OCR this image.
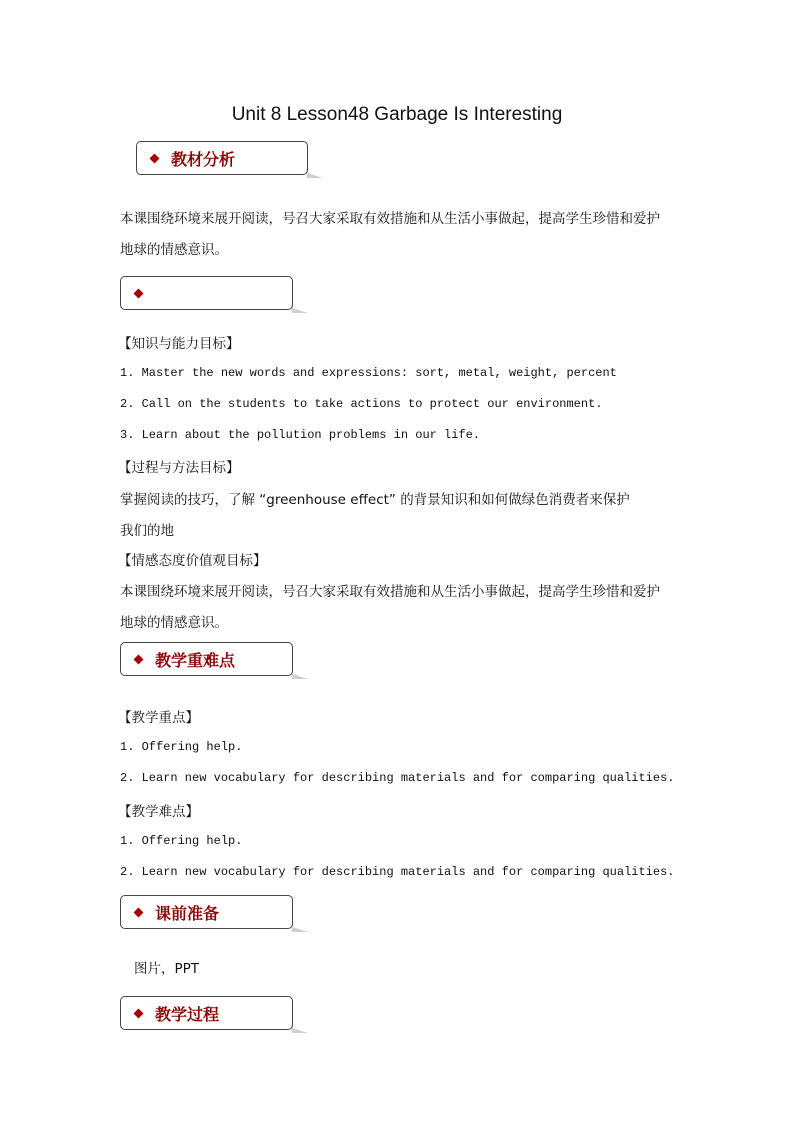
Unit 8 Lesson48 Garbage Is Interesting
教材分析
本课围绕环境来展开阅读，号召大家采取有效措施和从生活小事做起，提高学生珍惜和爱护
地球的情感意识。
【知识与能力目标】
1. Master the new words and expressions: sort, metal, weight, percent
2. Call on the students to take actions to protect our environment.
3. Learn about the pollution problems in our life.
【过程与方法目标】
掌握阅读的技巧，了解 “greenhouse effect” 的背景知识和如何做绿色消费者来保护
我们的地
【情感态度价值观目标】
本课围绕环境来展开阅读，号召大家采取有效措施和从生活小事做起，提高学生珍惜和爱护
地球的情感意识。
教学重难点
【教学重点】
1. Offering help.
2. Learn new vocabulary for describing materials and for comparing qualities.
【教学难点】
1. Offering help.
2. Learn new vocabulary for describing materials and for comparing qualities.
课前准备
图片，PPT
教学过程
